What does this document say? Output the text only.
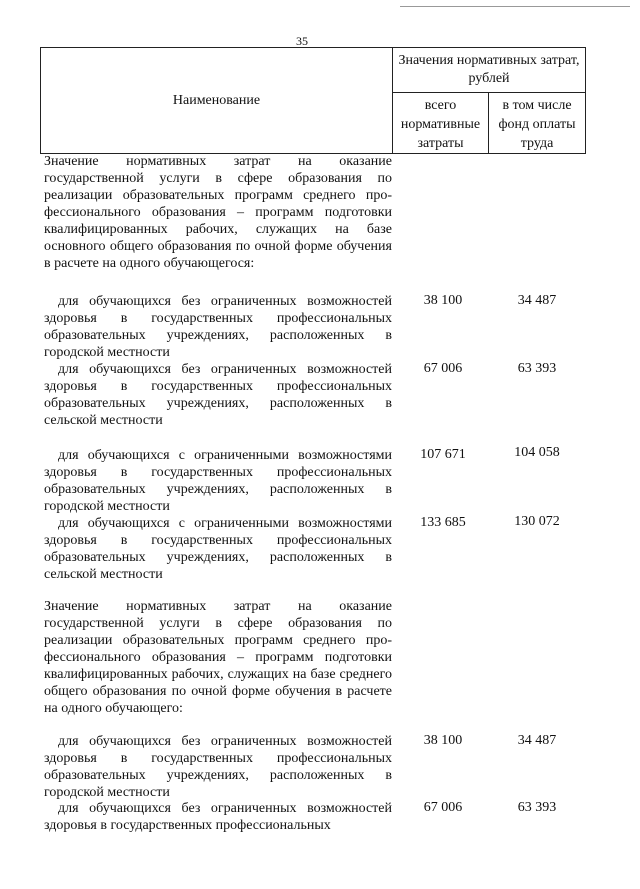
35
Наименование
Значения нормативных затрат, рублей
всего нормативные затраты
в том числе фонд оплаты труда
Значение нормативных затрат на оказание государственной услуги в сфере образования по реализации образовательных программ среднего профессионального образования – программ подготовки квалифицированных рабочих, служащих на базе основного общего образования по очной форме обучения в расчете на одного обучающегося:
для обучающихся без ограниченных возможностей здоровья в государственных профессиональных образовательных учреждениях, расположенных в городской местности
38 100	34 487
для обучающихся без ограниченных возможностей здоровья в государственных профессиональных образовательных учреждениях, расположенных в сельской местности
67 006	63 393
для обучающихся с ограниченными возможностями здоровья в государственных профессиональных образовательных учреждениях, расположенных в городской местности
107 671	104 058
для обучающихся с ограниченными возможностями здоровья в государственных профессиональных образовательных учреждениях, расположенных в сельской местности
133 685	130 072
Значение нормативных затрат на оказание государственной услуги в сфере образования по реализации образовательных программ среднего профессионального образования – программ подготовки квалифицированных рабочих, служащих на базе среднего общего образования по очной форме обучения в расчете на одного обучающего:
для обучающихся без ограниченных возможностей здоровья в государственных профессиональных образовательных учреждениях, расположенных в городской местности
38 100	34 487
для обучающихся без ограниченных возможностей здоровья в государственных профессиональных
67 006	63 393
